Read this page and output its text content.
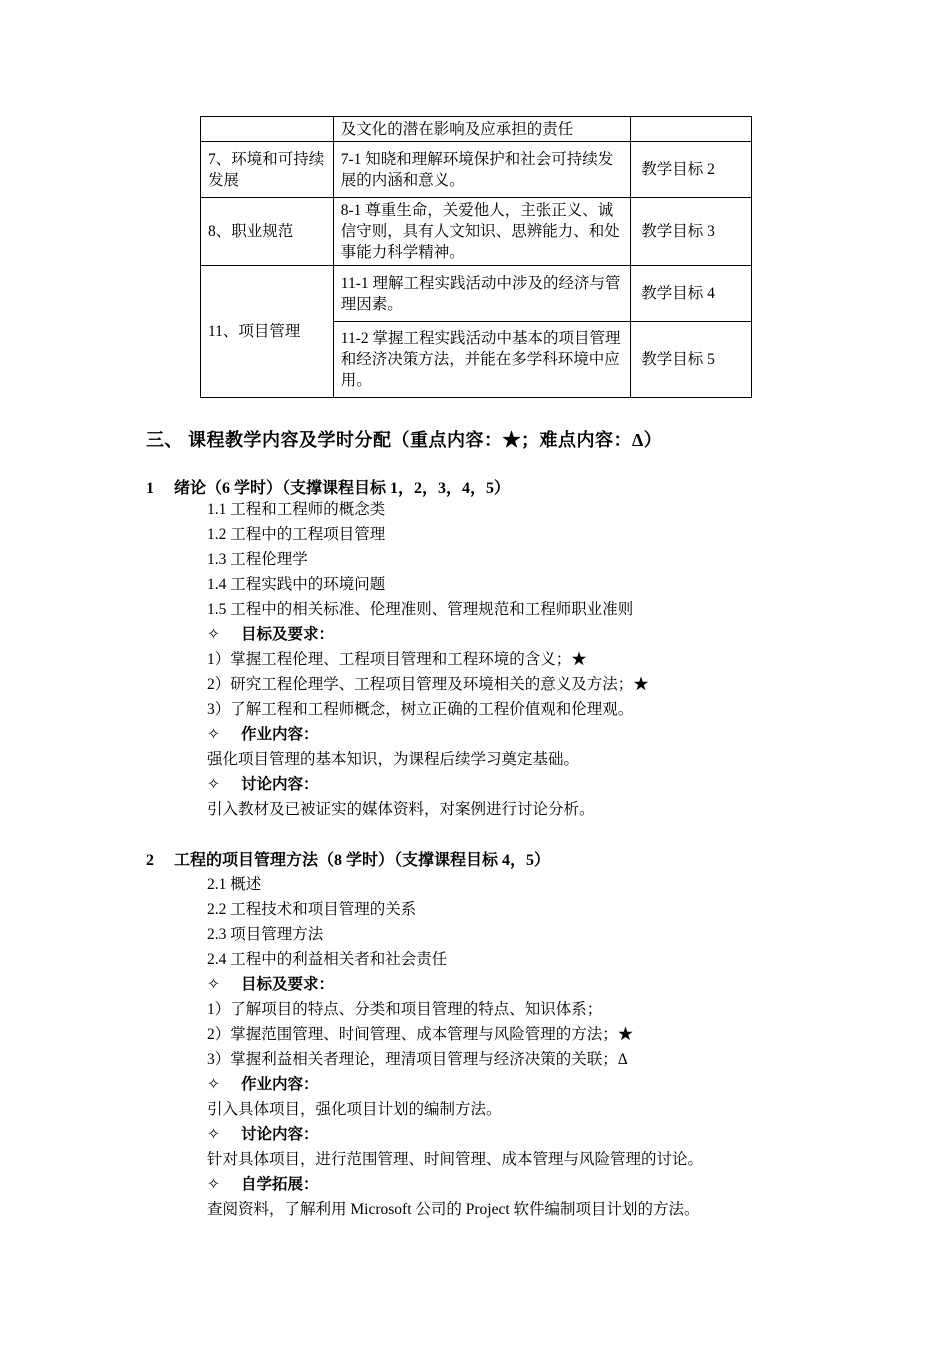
	及文化的潜在影响及应承担的责任	
7、环境和可持续发展	7-1 知晓和理解环境保护和社会可持续发展的内涵和意义。	教学目标 2
8、职业规范	8-1 尊重生命，关爱他人，主张正义、诚信守则，具有人文知识、思辨能力、和处事能力科学精神。	教学目标 3
11、项目管理	11-1 理解工程实践活动中涉及的经济与管理因素。	教学目标 4
	11-2 掌握工程实践活动中基本的项目管理和经济决策方法，并能在多学科环境中应用。	教学目标 5
三、 课程教学内容及学时分配（重点内容：★；难点内容：Δ）
1 绪论（6 学时）（支撑课程目标 1，2，3，4，5）
1.1 工程和工程师的概念类
1.2 工程中的工程项目管理
1.3 工程伦理学
1.4 工程实践中的环境问题
1.5 工程中的相关标准、伦理准则、管理规范和工程师职业准则
✧ 目标及要求：
1）掌握工程伦理、工程项目管理和工程环境的含义；★
2）研究工程伦理学、工程项目管理及环境相关的意义及方法；★
3）了解工程和工程师概念，树立正确的工程价值观和伦理观。
✧ 作业内容：
强化项目管理的基本知识，为课程后续学习奠定基础。
✧ 讨论内容：
引入教材及已被证实的媒体资料，对案例进行讨论分析。
2 工程的项目管理方法（8 学时）（支撑课程目标 4，5）
2.1 概述
2.2 工程技术和项目管理的关系
2.3 项目管理方法
2.4 工程中的利益相关者和社会责任
✧ 目标及要求：
1）了解项目的特点、分类和项目管理的特点、知识体系；
2）掌握范围管理、时间管理、成本管理与风险管理的方法；★
3）掌握利益相关者理论，理清项目管理与经济决策的关联；Δ
✧ 作业内容：
引入具体项目，强化项目计划的编制方法。
✧ 讨论内容：
针对具体项目，进行范围管理、时间管理、成本管理与风险管理的讨论。
✧ 自学拓展：
查阅资料，了解利用 Microsoft 公司的 Project 软件编制项目计划的方法。
